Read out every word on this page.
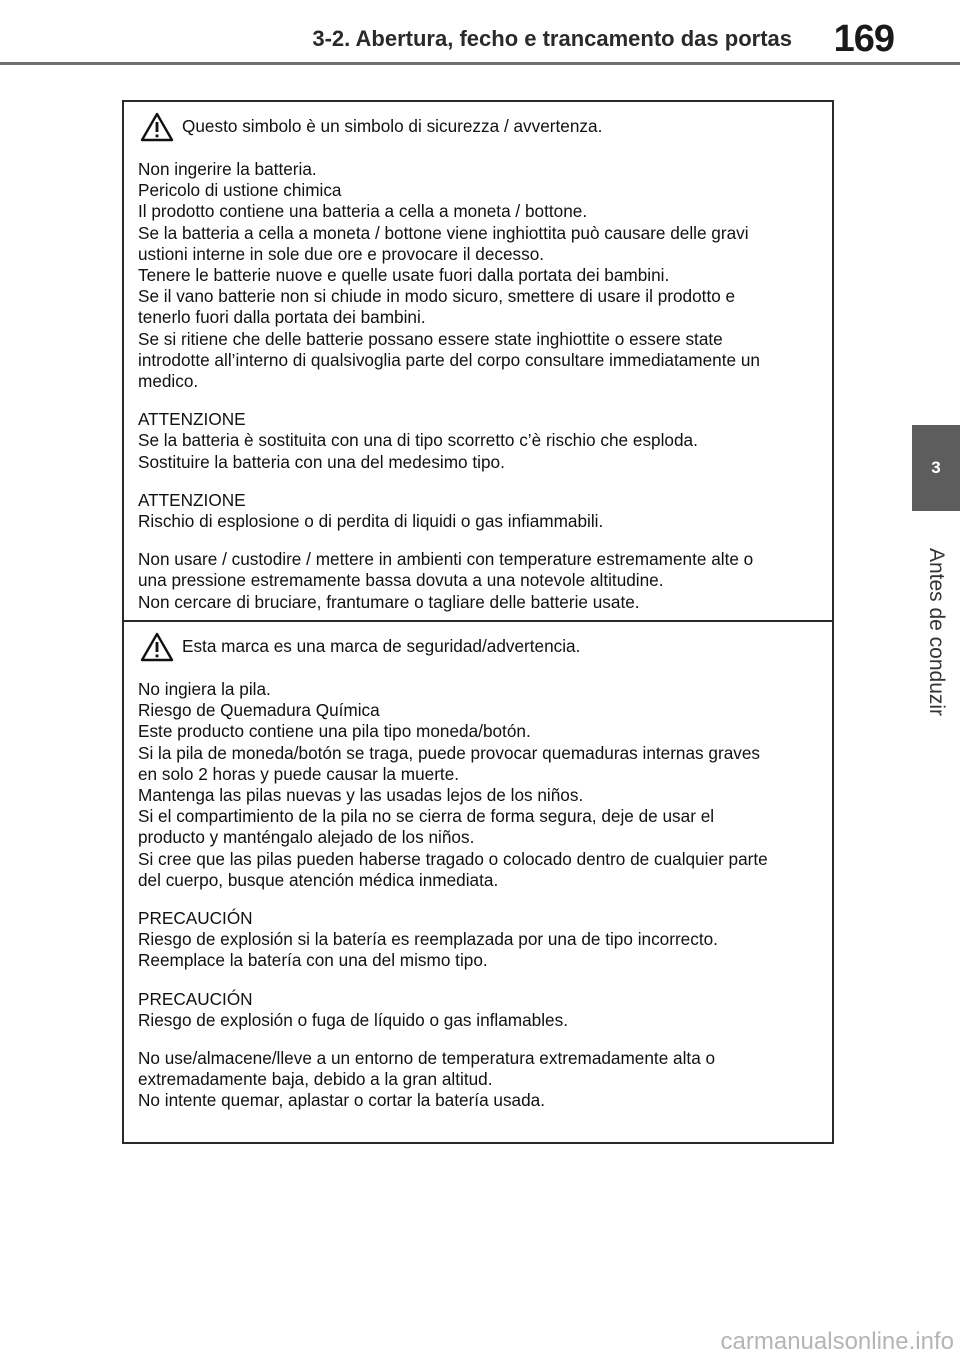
3-2. Abertura, fecho e trancamento das portas 169
3
Antes de conduzir
Questo simbolo è un simbolo di sicurezza / avvertenza.
Non ingerire la batteria.
Pericolo di ustione chimica
Il prodotto contiene una batteria a cella a moneta / bottone.
Se la batteria a cella a moneta / bottone viene inghiottita può causare delle gravi
ustioni interne in sole due ore e provocare il decesso.
Tenere le batterie nuove e quelle usate fuori dalla portata dei bambini.
Se il vano batterie non si chiude in modo sicuro, smettere di usare il prodotto e
tenerlo fuori dalla portata dei bambini.
Se si ritiene che delle batterie possano essere state inghiottite o essere state
introdotte all’interno di qualsivoglia parte del corpo consultare immediatamente un
medico.
ATTENZIONE
Se la batteria è sostituita con una di tipo scorretto c’è rischio che esploda.
Sostituire la batteria con una del medesimo tipo.
ATTENZIONE
Rischio di esplosione o di perdita di liquidi o gas infiammabili.
Non usare / custodire / mettere in ambienti con temperature estremamente alte o
una pressione estremamente bassa dovuta a una notevole altitudine.
Non cercare di bruciare, frantumare o tagliare delle batterie usate.
Esta marca es una marca de seguridad/advertencia.
No ingiera la pila.
Riesgo de Quemadura Química
Este producto contiene una pila tipo moneda/botón.
Si la pila de moneda/botón se traga, puede provocar quemaduras internas graves
en solo 2 horas y puede causar la muerte.
Mantenga las pilas nuevas y las usadas lejos de los niños.
Si el compartimiento de la pila no se cierra de forma segura, deje de usar el
producto y manténgalo alejado de los niños.
Si cree que las pilas pueden haberse tragado o colocado dentro de cualquier parte
del cuerpo, busque atención médica inmediata.
PRECAUCIÓN
Riesgo de explosión si la batería es reemplazada por una de tipo incorrecto.
Reemplace la batería con una del mismo tipo.
PRECAUCIÓN
Riesgo de explosión o fuga de líquido o gas inflamables.
No use/almacene/lleve a un entorno de temperatura extremadamente alta o
extremadamente baja, debido a la gran altitud.
No intente quemar, aplastar o cortar la batería usada.
carmanualsonline.info
